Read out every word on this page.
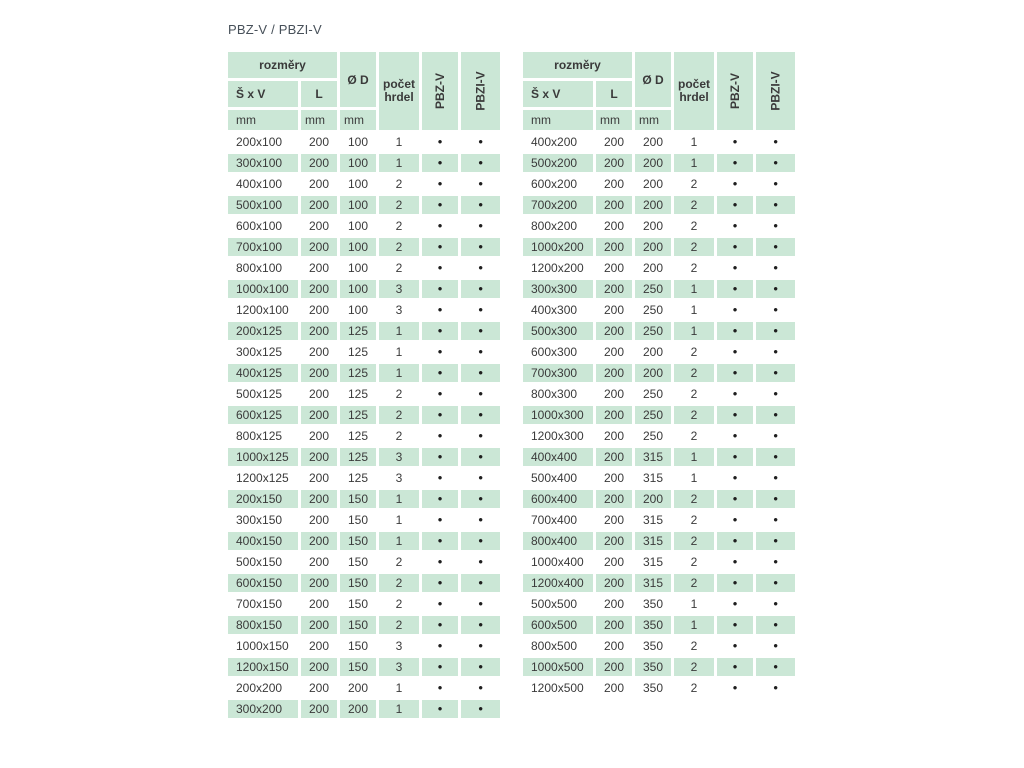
PBZ-V / PBZI-V
rozměry		Ø D	počet hrdel	PBZ-V	PBZI-V
Š x V	L				
mm	mm	mm			
200x100	200	100	1	•	•
300x100	200	100	1	•	•
400x100	200	100	2	•	•
500x100	200	100	2	•	•
600x100	200	100	2	•	•
700x100	200	100	2	•	•
800x100	200	100	2	•	•
1000x100	200	100	3	•	•
1200x100	200	100	3	•	•
200x125	200	125	1	•	•
300x125	200	125	1	•	•
400x125	200	125	1	•	•
500x125	200	125	2	•	•
600x125	200	125	2	•	•
800x125	200	125	2	•	•
1000x125	200	125	3	•	•
1200x125	200	125	3	•	•
200x150	200	150	1	•	•
300x150	200	150	1	•	•
400x150	200	150	1	•	•
500x150	200	150	2	•	•
600x150	200	150	2	•	•
700x150	200	150	2	•	•
800x150	200	150	2	•	•
1000x150	200	150	3	•	•
1200x150	200	150	3	•	•
200x200	200	200	1	•	•
300x200	200	200	1	•	•
rozměry		Ø D	počet hrdel	PBZ-V	PBZI-V
Š x V	L				
mm	mm	mm			
400x200	200	200	1	•	•
500x200	200	200	1	•	•
600x200	200	200	2	•	•
700x200	200	200	2	•	•
800x200	200	200	2	•	•
1000x200	200	200	2	•	•
1200x200	200	200	2	•	•
300x300	200	250	1	•	•
400x300	200	250	1	•	•
500x300	200	250	1	•	•
600x300	200	200	2	•	•
700x300	200	200	2	•	•
800x300	200	250	2	•	•
1000x300	200	250	2	•	•
1200x300	200	250	2	•	•
400x400	200	315	1	•	•
500x400	200	315	1	•	•
600x400	200	200	2	•	•
700x400	200	315	2	•	•
800x400	200	315	2	•	•
1000x400	200	315	2	•	•
1200x400	200	315	2	•	•
500x500	200	350	1	•	•
600x500	200	350	1	•	•
800x500	200	350	2	•	•
1000x500	200	350	2	•	•
1200x500	200	350	2	•	•
